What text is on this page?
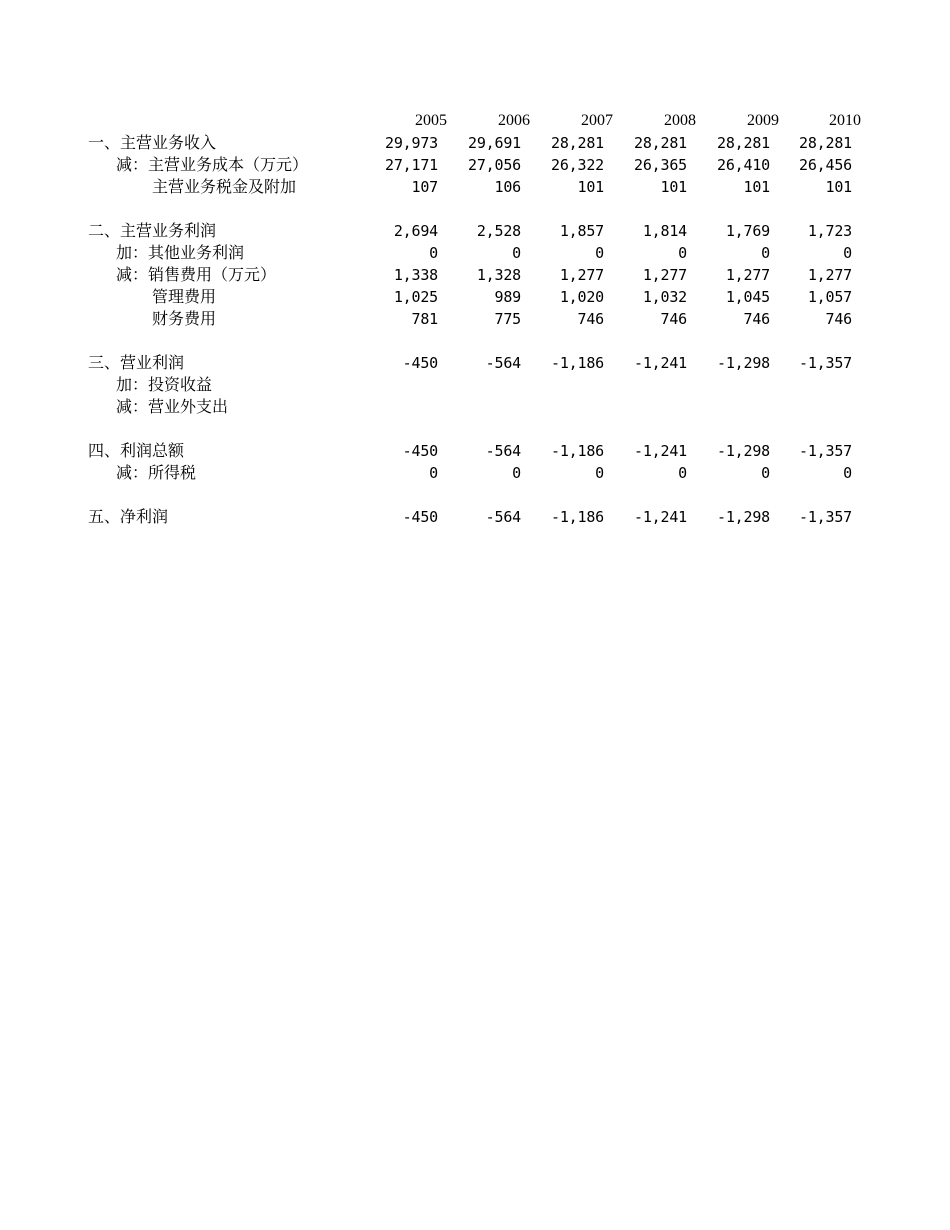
2005	2006	2007	2008	2009	2010
一、主营业务收入	29,973	29,691	28,281	28,281	28,281	28,281
减：主营业务成本（万元）	27,171	27,056	26,322	26,365	26,410	26,456
主营业务税金及附加	107	106	101	101	101	101
二、主营业务利润	2,694	2,528	1,857	1,814	1,769	1,723
加：其他业务利润	0	0	0	0	0	0
减：销售费用（万元）	1,338	1,328	1,277	1,277	1,277	1,277
管理费用	1,025	989	1,020	1,032	1,045	1,057
财务费用	781	775	746	746	746	746
三、营业利润	-450	-564	-1,186	-1,241	-1,298	-1,357
加：投资收益
减：营业外支出
四、利润总额	-450	-564	-1,186	-1,241	-1,298	-1,357
减：所得税	0	0	0	0	0	0
五、净利润	-450	-564	-1,186	-1,241	-1,298	-1,357
